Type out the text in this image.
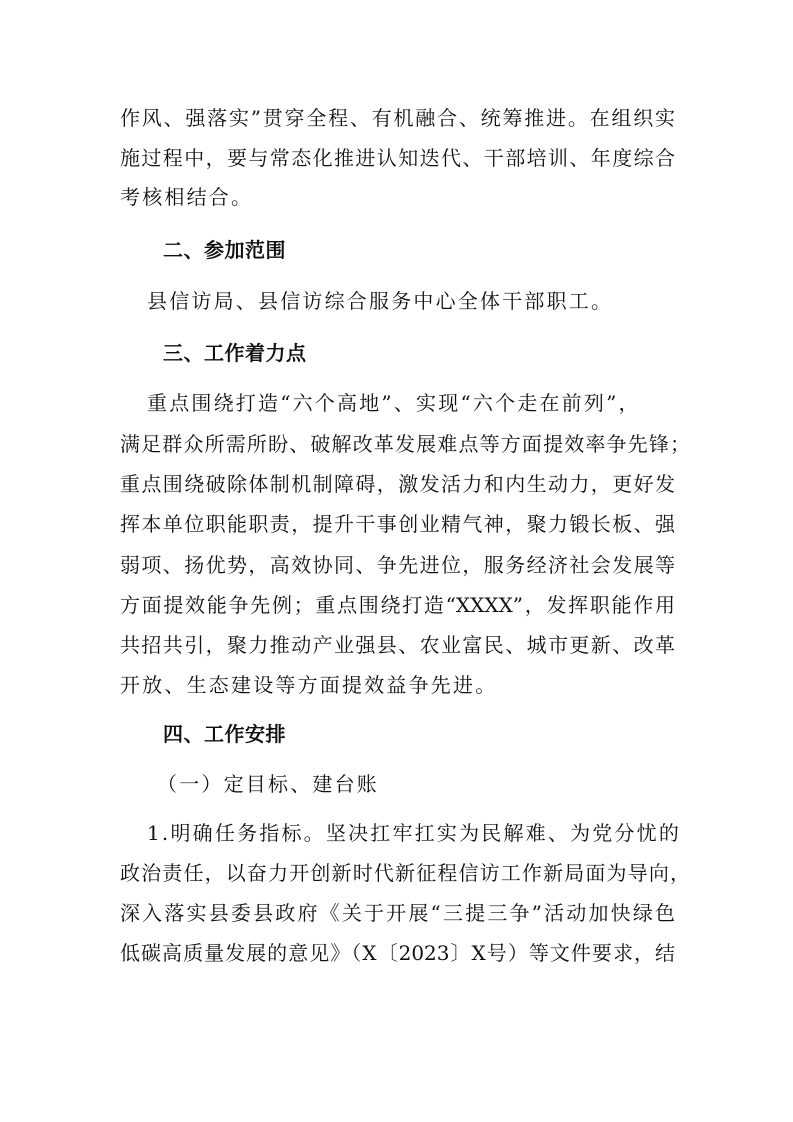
作风、强落实”贯穿全程、有机融合、统筹推进。在组织实
施过程中，要与常态化推进认知迭代、干部培训、年度综合
考核相结合。
二、参加范围
县信访局、县信访综合服务中心全体干部职工。
三、工作着力点
重点围绕打造“六个高地”、实现“六个走在前列”，
满足群众所需所盼、破解改革发展难点等方面提效率争先锋；
重点围绕破除体制机制障碍，激发活力和内生动力，更好发
挥本单位职能职责，提升干事创业精气神，聚力锻长板、强
弱项、扬优势，高效协同、争先进位，服务经济社会发展等
方面提效能争先例；重点围绕打造“XXXX”，发挥职能作用
共招共引，聚力推动产业强县、农业富民、城市更新、改革
开放、生态建设等方面提效益争先进。
四、工作安排
（一）定目标、建台账
1.明确任务指标。坚决扛牢扛实为民解难、为党分忧的
政治责任，以奋力开创新时代新征程信访工作新局面为导向，
深入落实县委县政府《关于开展“三提三争”活动加快绿色
低碳高质量发展的意见》（X〔2023〕X号）等文件要求，结
